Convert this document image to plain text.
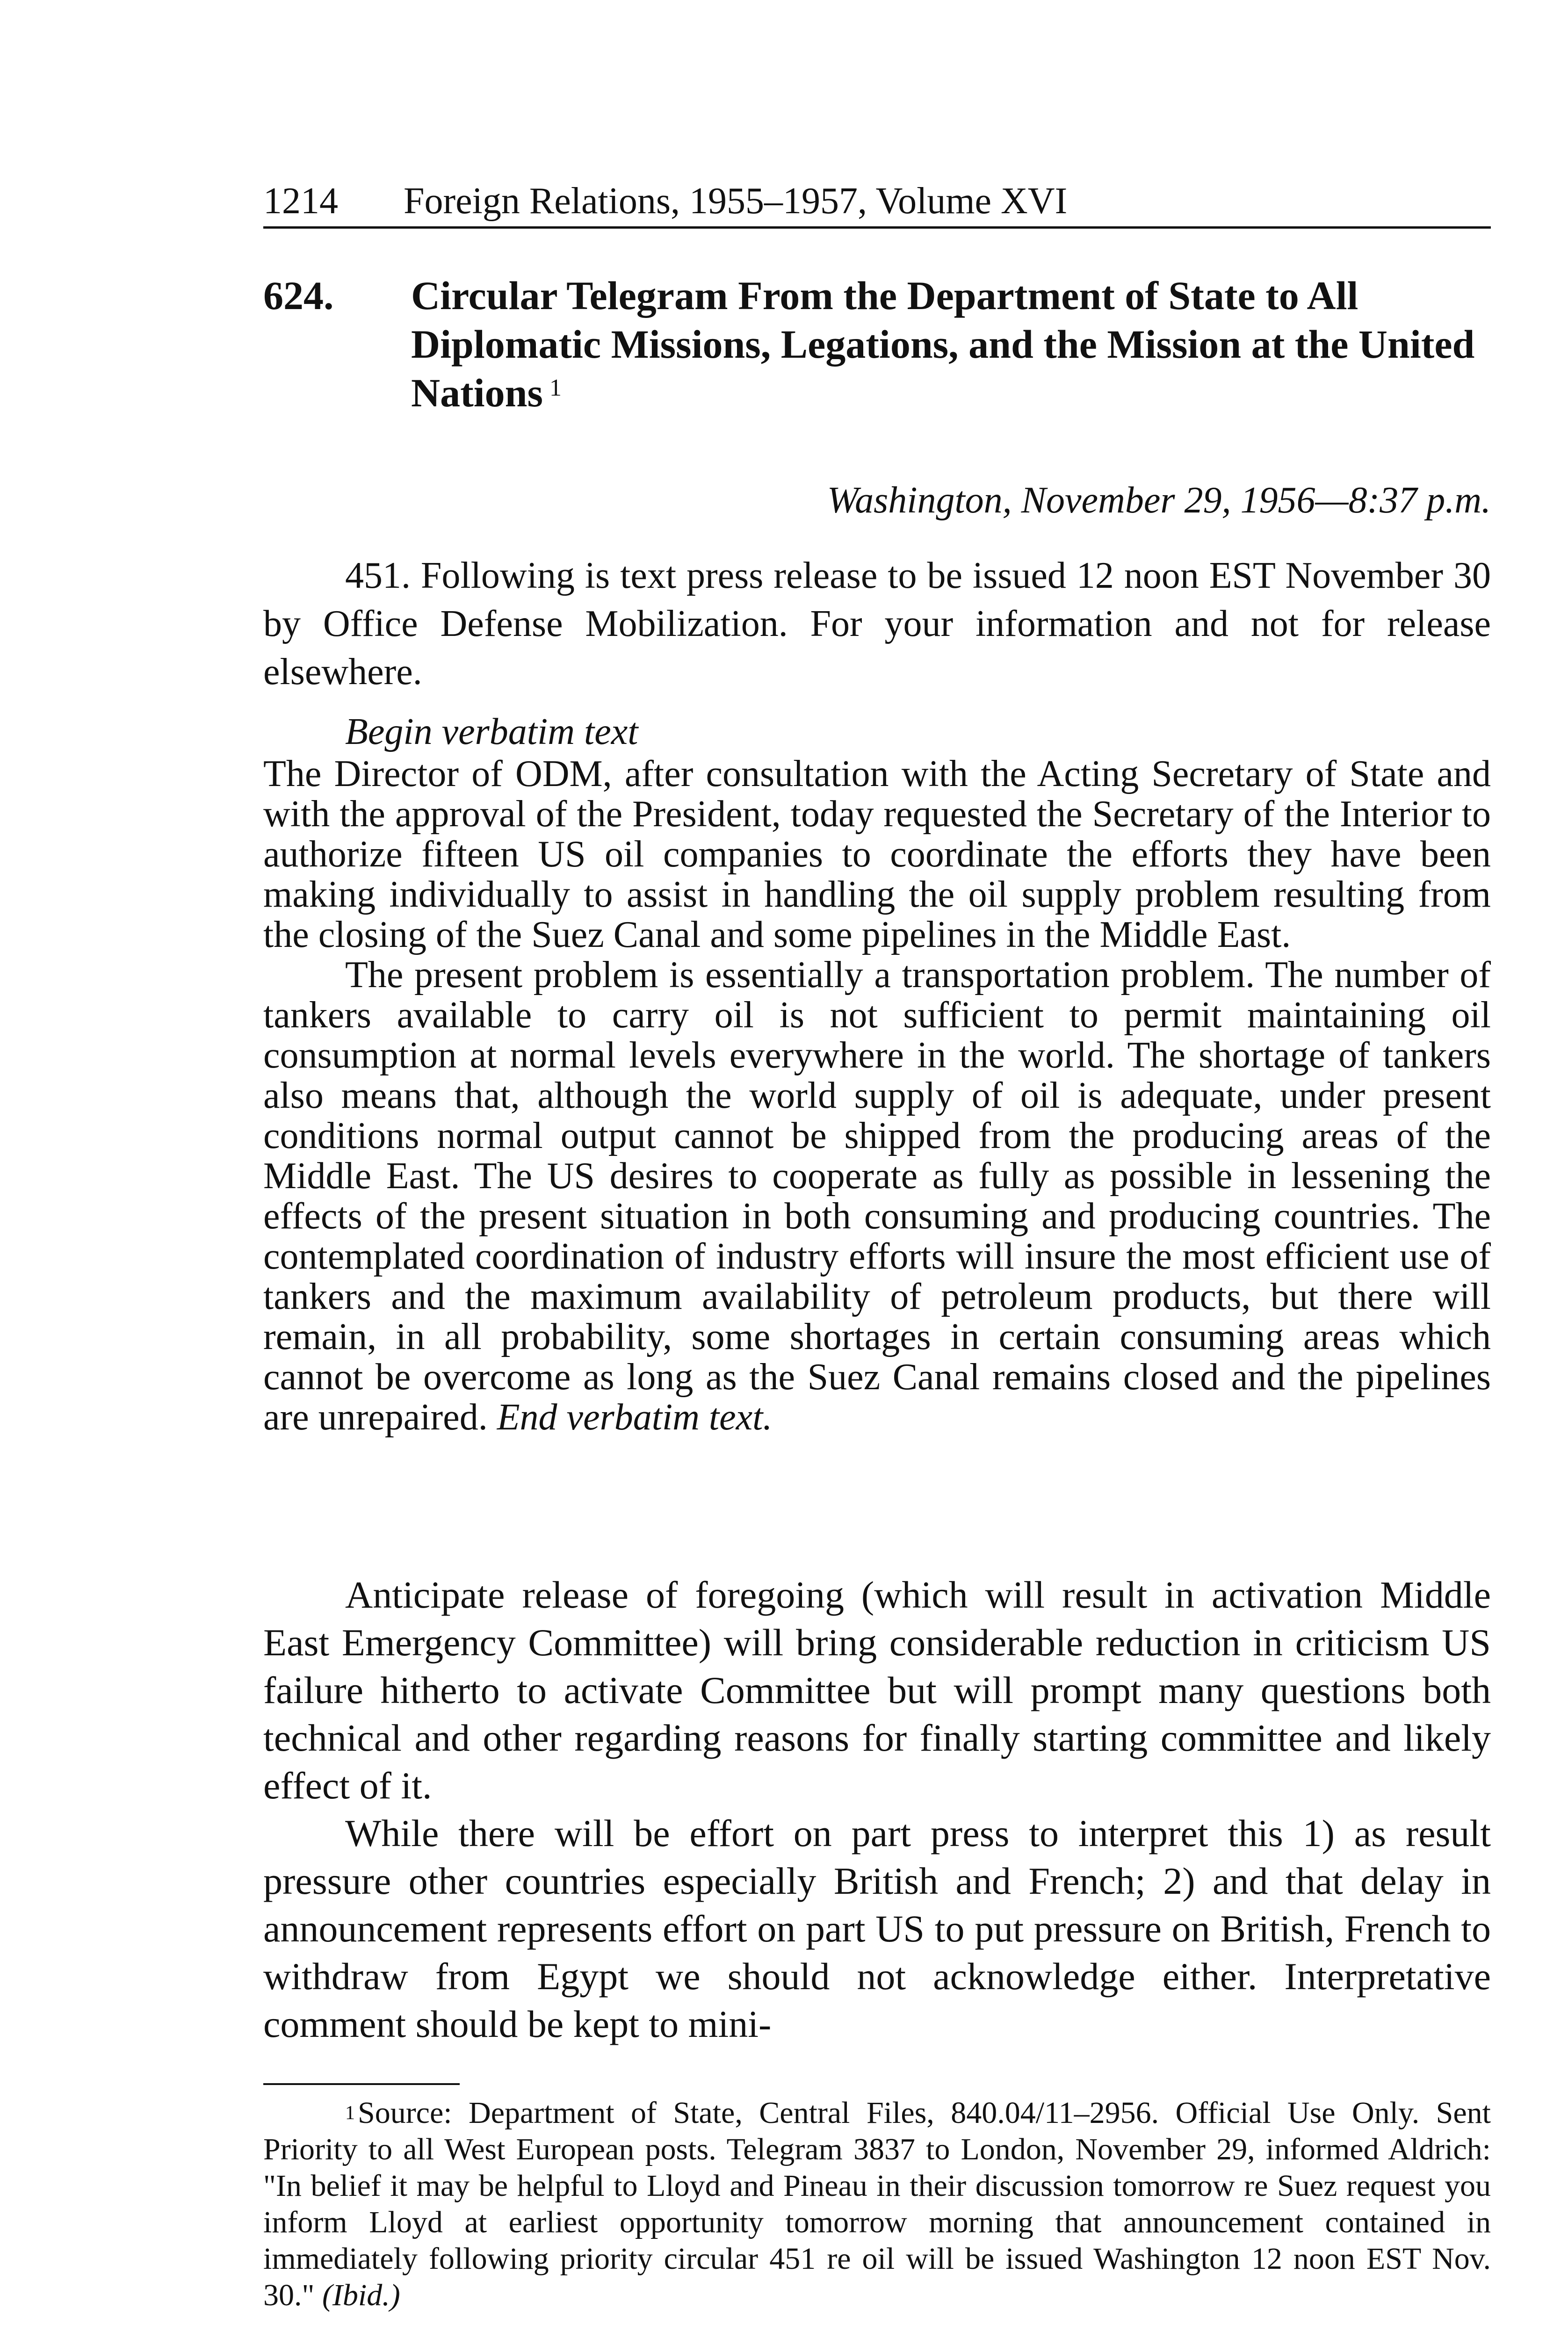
1214 Foreign Relations, 1955–1957, Volume XVI
624. Circular Telegram From the Department of State to All Diplomatic Missions, Legations, and the Mission at the United Nations $^1$
Washington, November 29, 1956—8:37 p.m.
451. Following is text press release to be issued 12 noon EST November 30 by Office Defense Mobilization. For your information and not for release elsewhere.
Begin verbatim text

The Director of ODM, after consultation with the Acting Secretary of State and with the approval of the President, today requested the Secretary of the Interior to authorize fifteen US oil companies to coordinate the efforts they have been making individually to assist in handling the oil supply problem resulting from the closing of the Suez Canal and some pipelines in the Middle East.

The present problem is essentially a transportation problem. The number of tankers available to carry oil is not sufficient to permit maintaining oil consumption at normal levels everywhere in the world. The shortage of tankers also means that, although the world supply of oil is adequate, under present conditions normal output cannot be shipped from the producing areas of the Middle East. The US desires to cooperate as fully as possible in lessening the effects of the present situation in both consuming and producing countries. The contemplated coordination of industry efforts will insure the most efficient use of tankers and the maximum availability of petroleum products, but there will remain, in all probability, some shortages in certain consuming areas which cannot be overcome as long as the Suez Canal remains closed and the pipelines are unrepaired. End verbatim text.

Anticipate release of foregoing (which will result in activation Middle East Emergency Committee) will bring considerable reduction in criticism US failure hitherto to activate Committee but will prompt many questions both technical and other regarding reasons for finally starting committee and likely effect of it.
While there will be effort on part press to interpret this 1) as result pressure other countries especially British and French; 2) and that delay in announcement represents effort on part US to put pressure on British, French to withdraw from Egypt we should not acknowledge either. Interpretative comment should be kept to mini-
$^1$Source: Department of State, Central Files, 840.04/11–2956. Official Use Only. Sent Priority to all West European posts. Telegram 3837 to London, November 29, informed Aldrich: "In belief it may be helpful to Lloyd and Pineau in their discussion tomorrow re Suez request you inform Lloyd at earliest opportunity tomorrow morning that announcement contained in immediately following priority circular 451 re oil will be issued Washington 12 noon EST Nov. 30." (Ibid.)
